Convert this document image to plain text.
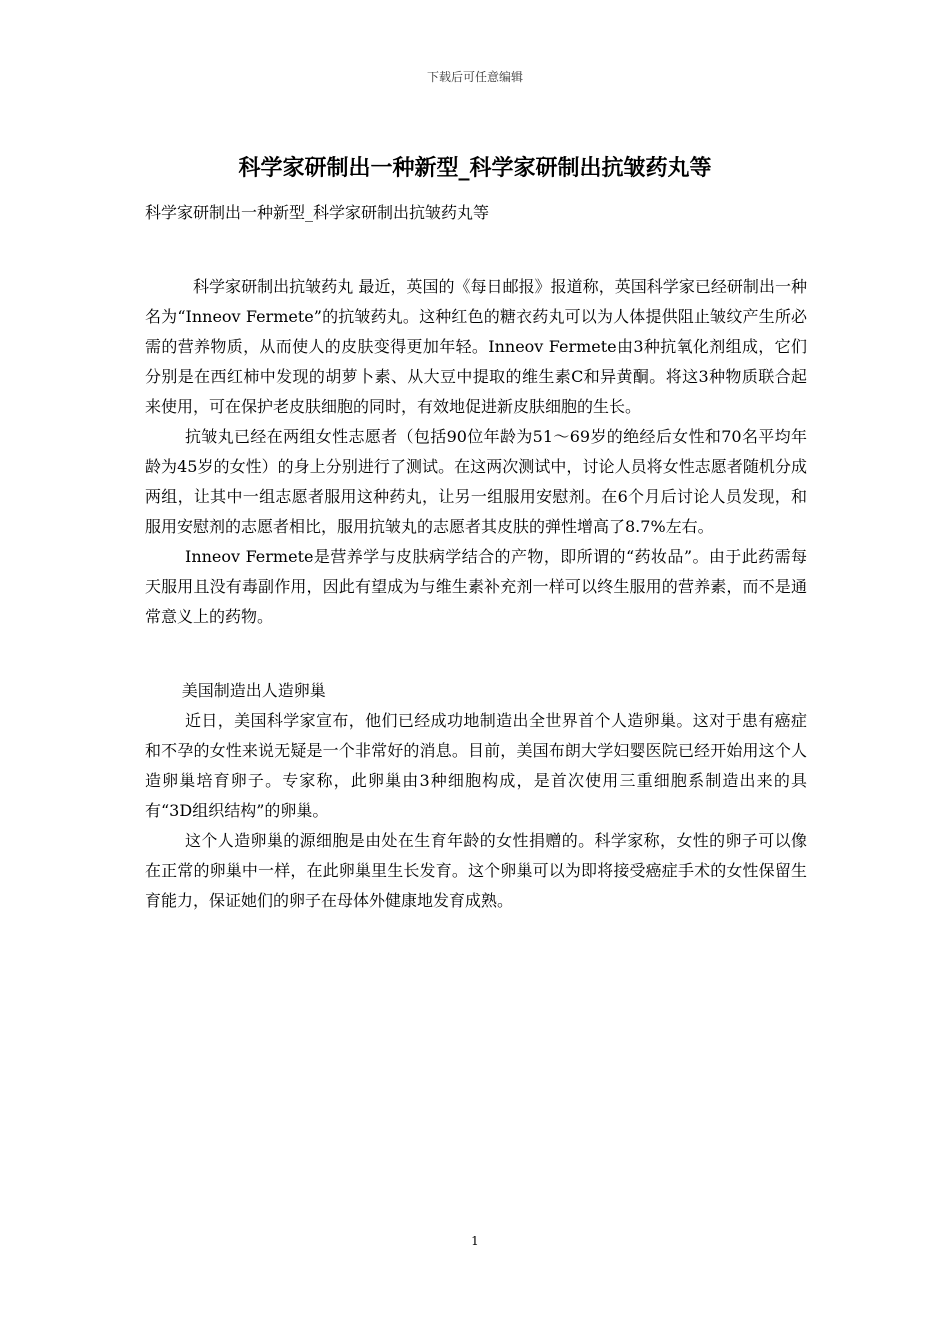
下载后可任意编辑
科学家研制出一种新型_科学家研制出抗皱药丸等
科学家研制出一种新型_科学家研制出抗皱药丸等

科学家研制出抗皱药丸 最近，英国的《每日邮报》报道称，英国科学家已经研制出一种名为“Inneov Fermete”的抗皱药丸。这种红色的糖衣药丸可以为人体提供阻止皱纹产生所必需的营养物质，从而使人的皮肤变得更加年轻。Inneov Fermete由3种抗氧化剂组成，它们分别是在西红柿中发现的胡萝卜素、从大豆中提取的维生素C和异黄酮。将这3种物质联合起来使用，可在保护老皮肤细胞的同时，有效地促进新皮肤细胞的生长。

抗皱丸已经在两组女性志愿者（包括90位年龄为51～69岁的绝经后女性和70名平均年龄为45岁的女性）的身上分别进行了测试。在这两次测试中，讨论人员将女性志愿者随机分成两组，让其中一组志愿者服用这种药丸，让另一组服用安慰剂。在6个月后讨论人员发现，和服用安慰剂的志愿者相比，服用抗皱丸的志愿者其皮肤的弹性增高了8.7%左右。

Inneov Fermete是营养学与皮肤病学结合的产物，即所谓的“药妆品”。由于此药需每天服用且没有毒副作用，因此有望成为与维生素补充剂一样可以终生服用的营养素，而不是通常意义上的药物。

美国制造出人造卵巢

近日，美国科学家宣布，他们已经成功地制造出全世界首个人造卵巢。这对于患有癌症和不孕的女性来说无疑是一个非常好的消息。目前，美国布朗大学妇婴医院已经开始用这个人造卵巢培育卵子。专家称，此卵巢由3种细胞构成，是首次使用三重细胞系制造出来的具有“3D组织结构”的卵巢。

这个人造卵巢的源细胞是由处在生育年龄的女性捐赠的。科学家称，女性的卵子可以像在正常的卵巢中一样，在此卵巢里生长发育。这个卵巢可以为即将接受癌症手术的女性保留生育能力，保证她们的卵子在母体外健康地发育成熟。

1
